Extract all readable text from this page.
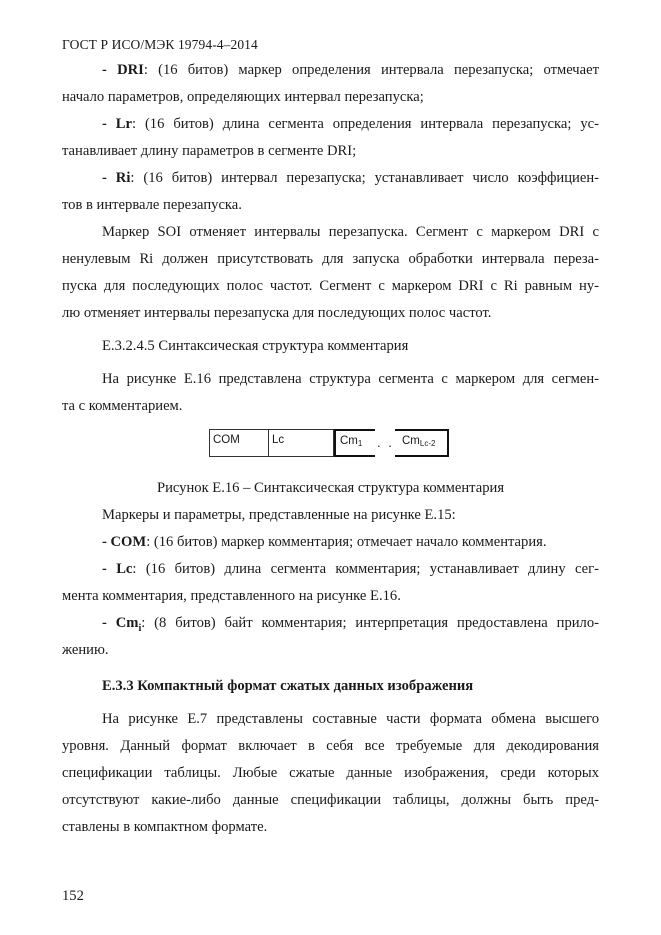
ГОСТ Р ИСО/МЭК 19794-4–2014
- DRI: (16 битов) маркер определения интервала перезапуска; отмечает
начало параметров, определяющих интервал перезапуска;
- Lr: (16 битов) длина сегмента определения интервала перезапуска; ус-
танавливает длину параметров в сегменте DRI;
- Ri: (16 битов) интервал перезапуска; устанавливает число коэффициен-
тов в интервале перезапуска.
Маркер SOI отменяет интервалы перезапуска. Сегмент с маркером DRI с
ненулевым Ri должен присутствовать для запуска обработки интервала переза-
пуска для последующих полос частот. Сегмент с маркером DRI с Ri равным ну-
лю отменяет интервалы перезапуска для последующих полос частот.
E.3.2.4.5 Синтаксическая структура комментария
На рисунке E.16 представлена структура сегмента с маркером для сегмен-
та с комментарием.
COM	Lc	$Cm_1$	. . $Cm_{Lc-2}$
Рисунок E.16 – Синтаксическая структура комментария
Маркеры и параметры, представленные на рисунке E.15:
- COM: (16 битов) маркер комментария; отмечает начало комментария.
- Lc: (16 битов) длина сегмента комментария; устанавливает длину сег-
мента комментария, представленного на рисунке E.16.
- $Cm_i$: (8 битов) байт комментария; интерпретация предоставлена прило-
жению.
E.3.3 Компактный формат сжатых данных изображения
На рисунке E.7 представлены составные части формата обмена высшего
уровня. Данный формат включает в себя все требуемые для декодирования
спецификации таблицы. Любые сжатые данные изображения, среди которых
отсутствуют какие-либо данные спецификации таблицы, должны быть пред-
ставлены в компактном формате.
152
